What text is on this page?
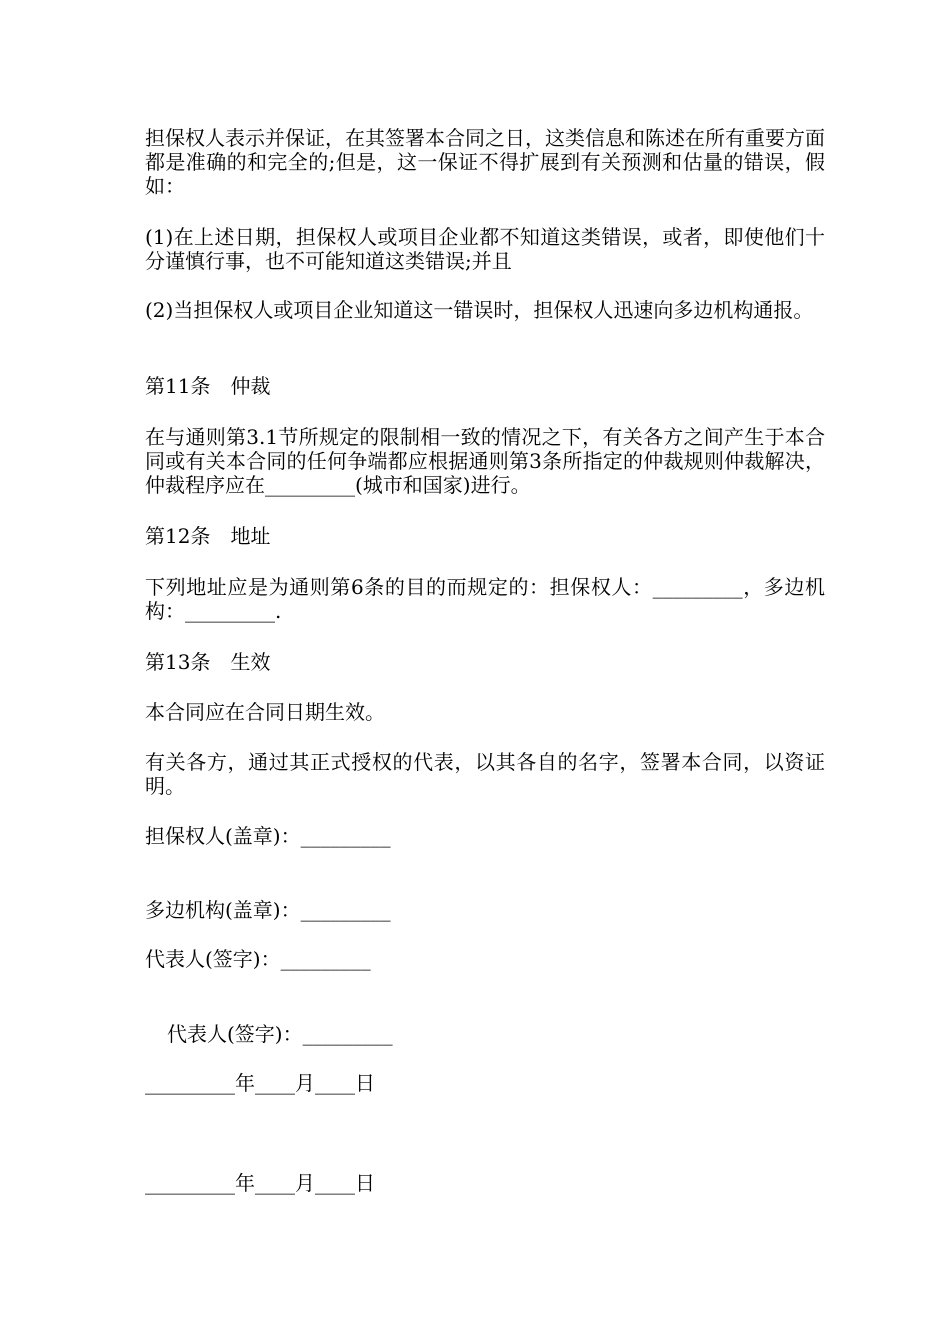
担保权人表示并保证，在其签署本合同之日，这类信息和陈述在所有重要方面都是准确的和完全的;但是，这一保证不得扩展到有关预测和估量的错误，假如：

(1)在上述日期，担保权人或项目企业都不知道这类错误，或者，即使他们十分谨慎行事，也不可能知道这类错误;并且

(2)当担保权人或项目企业知道这一错误时，担保权人迅速向多边机构通报。

第11条　仲裁

在与通则第3.1节所规定的限制相一致的情况之下，有关各方之间产生于本合同或有关本合同的任何争端都应根据通则第3条所指定的仲裁规则仲裁解决，仲裁程序应在_________(城市和国家)进行。

第12条　地址

下列地址应是为通则第6条的目的而规定的：担保权人：_________，多边机构：_________.

第13条　生效

本合同应在合同日期生效。

有关各方，通过其正式授权的代表，以其各自的名字，签署本合同，以资证明。

担保权人(盖章)：_________

多边机构(盖章)：_________

代表人(签字)：_________

代表人(签字)：_________

_________年____月____日

_________年____月____日
